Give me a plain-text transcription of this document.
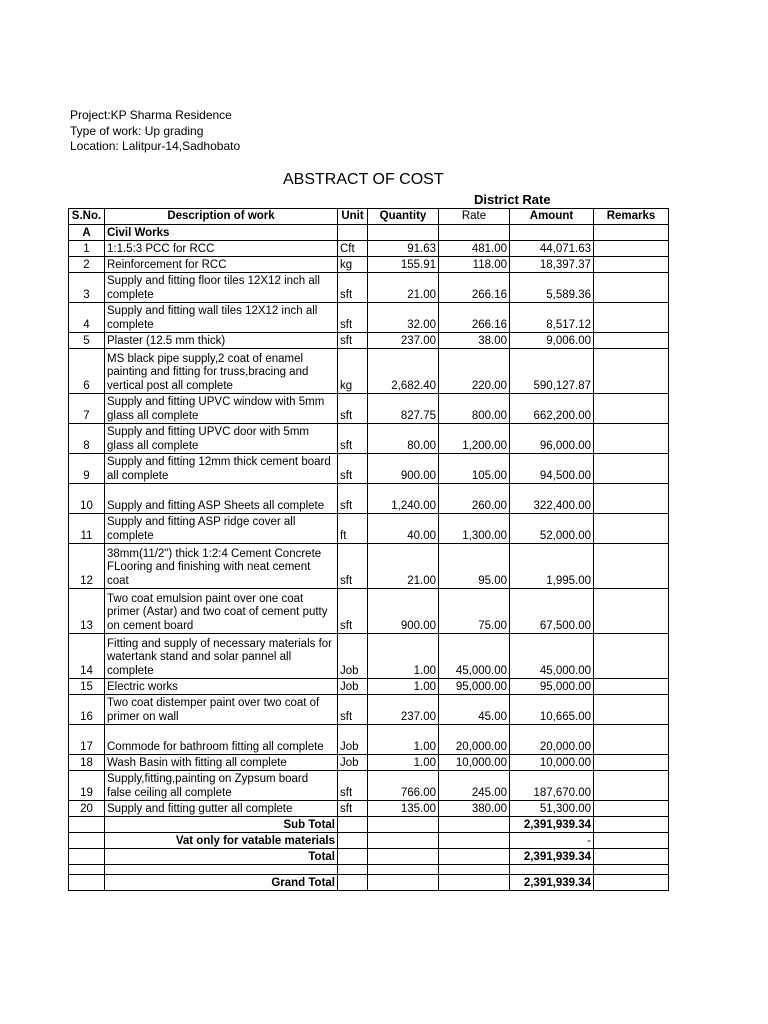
Project:KP Sharma Residence
Type of work: Up grading
Location: Lalitpur-14,Sadhobato
ABSTRACT OF COST
District Rate
S.No.	Description of work	Unit	Quantity	Rate	Amount	Remarks
A	Civil Works					
1	1:1.5:3 PCC for RCC	Cft	91.63	481.00	44,071.63	
2	Reinforcement for RCC	kg	155.91	118.00	18,397.37	
3	Supply and fitting floor tiles 12X12 inch all complete	sft	21.00	266.16	5,589.36	
4	Supply and fitting wall tiles 12X12 inch all complete	sft	32.00	266.16	8,517.12	
5	Plaster (12.5 mm thick)	sft	237.00	38.00	9,006.00	
6	MS black pipe supply,2 coat of enamel painting and fitting for truss,bracing and vertical post all complete	kg	2,682.40	220.00	590,127.87	
7	Supply and fitting UPVC window with 5mm glass all complete	sft	827.75	800.00	662,200.00	
8	Supply and fitting UPVC door with 5mm glass all complete	sft	80.00	1,200.00	96,000.00	
9	Supply and fitting 12mm thick cement board all complete	sft	900.00	105.00	94,500.00	
10	Supply and fitting ASP Sheets all complete	sft	1,240.00	260.00	322,400.00	
11	Supply and fitting ASP ridge cover all complete	ft	40.00	1,300.00	52,000.00	
12	38mm(11/2") thick 1:2:4 Cement Concrete FLooring and finishing with neat cement coat	sft	21.00	95.00	1,995.00	
13	Two coat emulsion paint over one coat primer (Astar) and two coat of cement putty on cement board	sft	900.00	75.00	67,500.00	
14	Fitting and supply of necessary materials for watertank stand and solar pannel all complete	Job	1.00	45,000.00	45,000.00	
15	Electric works	Job	1.00	95,000.00	95,000.00	
16	Two coat distemper paint over two coat of primer on wall	sft	237.00	45.00	10,665.00	
17	Commode for bathroom fitting all complete	Job	1.00	20,000.00	20,000.00	
18	Wash Basin with fitting all complete	Job	1.00	10,000.00	10,000.00	
19	Supply,fitting,painting on Zypsum board false ceiling all complete	sft	766.00	245.00	187,670.00	
20	Supply and fitting gutter all complete	sft	135.00	380.00	51,300.00	
	Sub Total				2,391,939.34	
	Vat only for vatable materials				-	
	Total				2,391,939.34	

	Grand Total				2,391,939.34	
